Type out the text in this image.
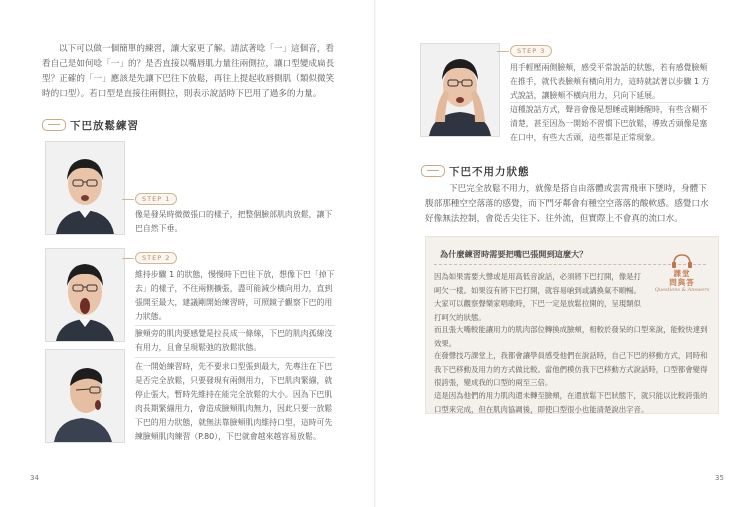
以下可以做一個簡單的練習，讓大家更了解。請試著唸「一」這個音，看看自己是如何唸「一」的？是否直接以嘴唇肌力量往兩側拉，讓口型變成扁長型？正確的「一」應該是先讓下巴往下放鬆，再往上提起收唇側肌（類似微笑時的口型）。若口型是直接往兩側拉，則表示說話時下巴用了過多的力量。

下巴放鬆練習
STEP 1

像是發呆時微微張口的樣子，把整個臉部肌肉放鬆，讓下巴自然下垂。

STEP 2

維持步驟 1 的狀態，慢慢時下巴往下放，想像下巴「掉下去」的樣子，不往兩側擴張，盡可能減少橫向用力，直到張開至最大，建議剛開始練習時，可照鏡子觀察下巴的用力狀態。

臉頰旁的肌肉要感覺是拉長成一條線，下巴的肌肉孤線沒有用力，且會呈現鬆弛的放鬆狀態。

在一開始練習時，先不要求口型張到最大，先專注在下巴是否完全放鬆，只要發現有兩側用力，下巴肌肉緊繃，就停止張大，暫時先維持在能完全放鬆的大小。因為下巴肌肉長期緊繃用力，會造成臉頰肌肉無力，因此只要一放鬆下巴的用力狀態，就無法靠臉頰肌肉維持口型，這時可先練臉頰肌肉練習（P.80），下巴就會越來越容易放鬆。

34
STEP 3

用手輕壓兩側臉頰，感受平常說話的狀態，若有感覺臉頰在推手，就代表臉頰有橫向用力，這時就試著以步驟 1 方式說話，讓臉頰不橫向用力，只向下延展。

這種說話方式，聲音會像是想睡或剛睡醒時，有些含糊不清楚，甚至因為一開始不習慣下巴放鬆，導致舌頭像是塞在口中，有些大舌頭，這些都是正常現象。

下巴不用力狀態

下巴完全放鬆不用力，就像是搭自由落體或雲霄飛車下墜時，身體下腹部那種空空落落的感覺，而下門牙鄰會有種空空落落的酸軟感。感覺口水好像無法控制，會從舌尖往下、往外流，但實際上不會真的流口水。

為什麼練習時需要把嘴巴張開到這麼大？
課堂
問與答
Questions & Answers

因為如果需要大聲或是用高低音說話，必須將下巴打開，像是打呵欠一樣。如果沒有將下巴打開，就容易嗆到或講換氣不順暢。大家可以觀察聲樂家唱歌時，下巴一定是放鬆拉開的，呈現類似打呵欠的狀態。

而且張大嘴較能讓用力的肌肉部位轉換成臉頰，相較於發呆的口型來說，能較快達到效果。

在發聲技巧課堂上，我都會讓學員感受他們在說話時，自己下巴的移動方式，同時和我下巴移動及用力的方式做比較。當他們模仿我下巴移動方式說話時，口型都會變得很誇張，變成我的口型的兩至三倍。

這是因為他們的用力肌肉還未轉至臉頰，在還放鬆下巴狀態下，就只能以比較誇張的口型來完成，但在肌肉協調後，即使口型很小也能清楚說出字音。

35
